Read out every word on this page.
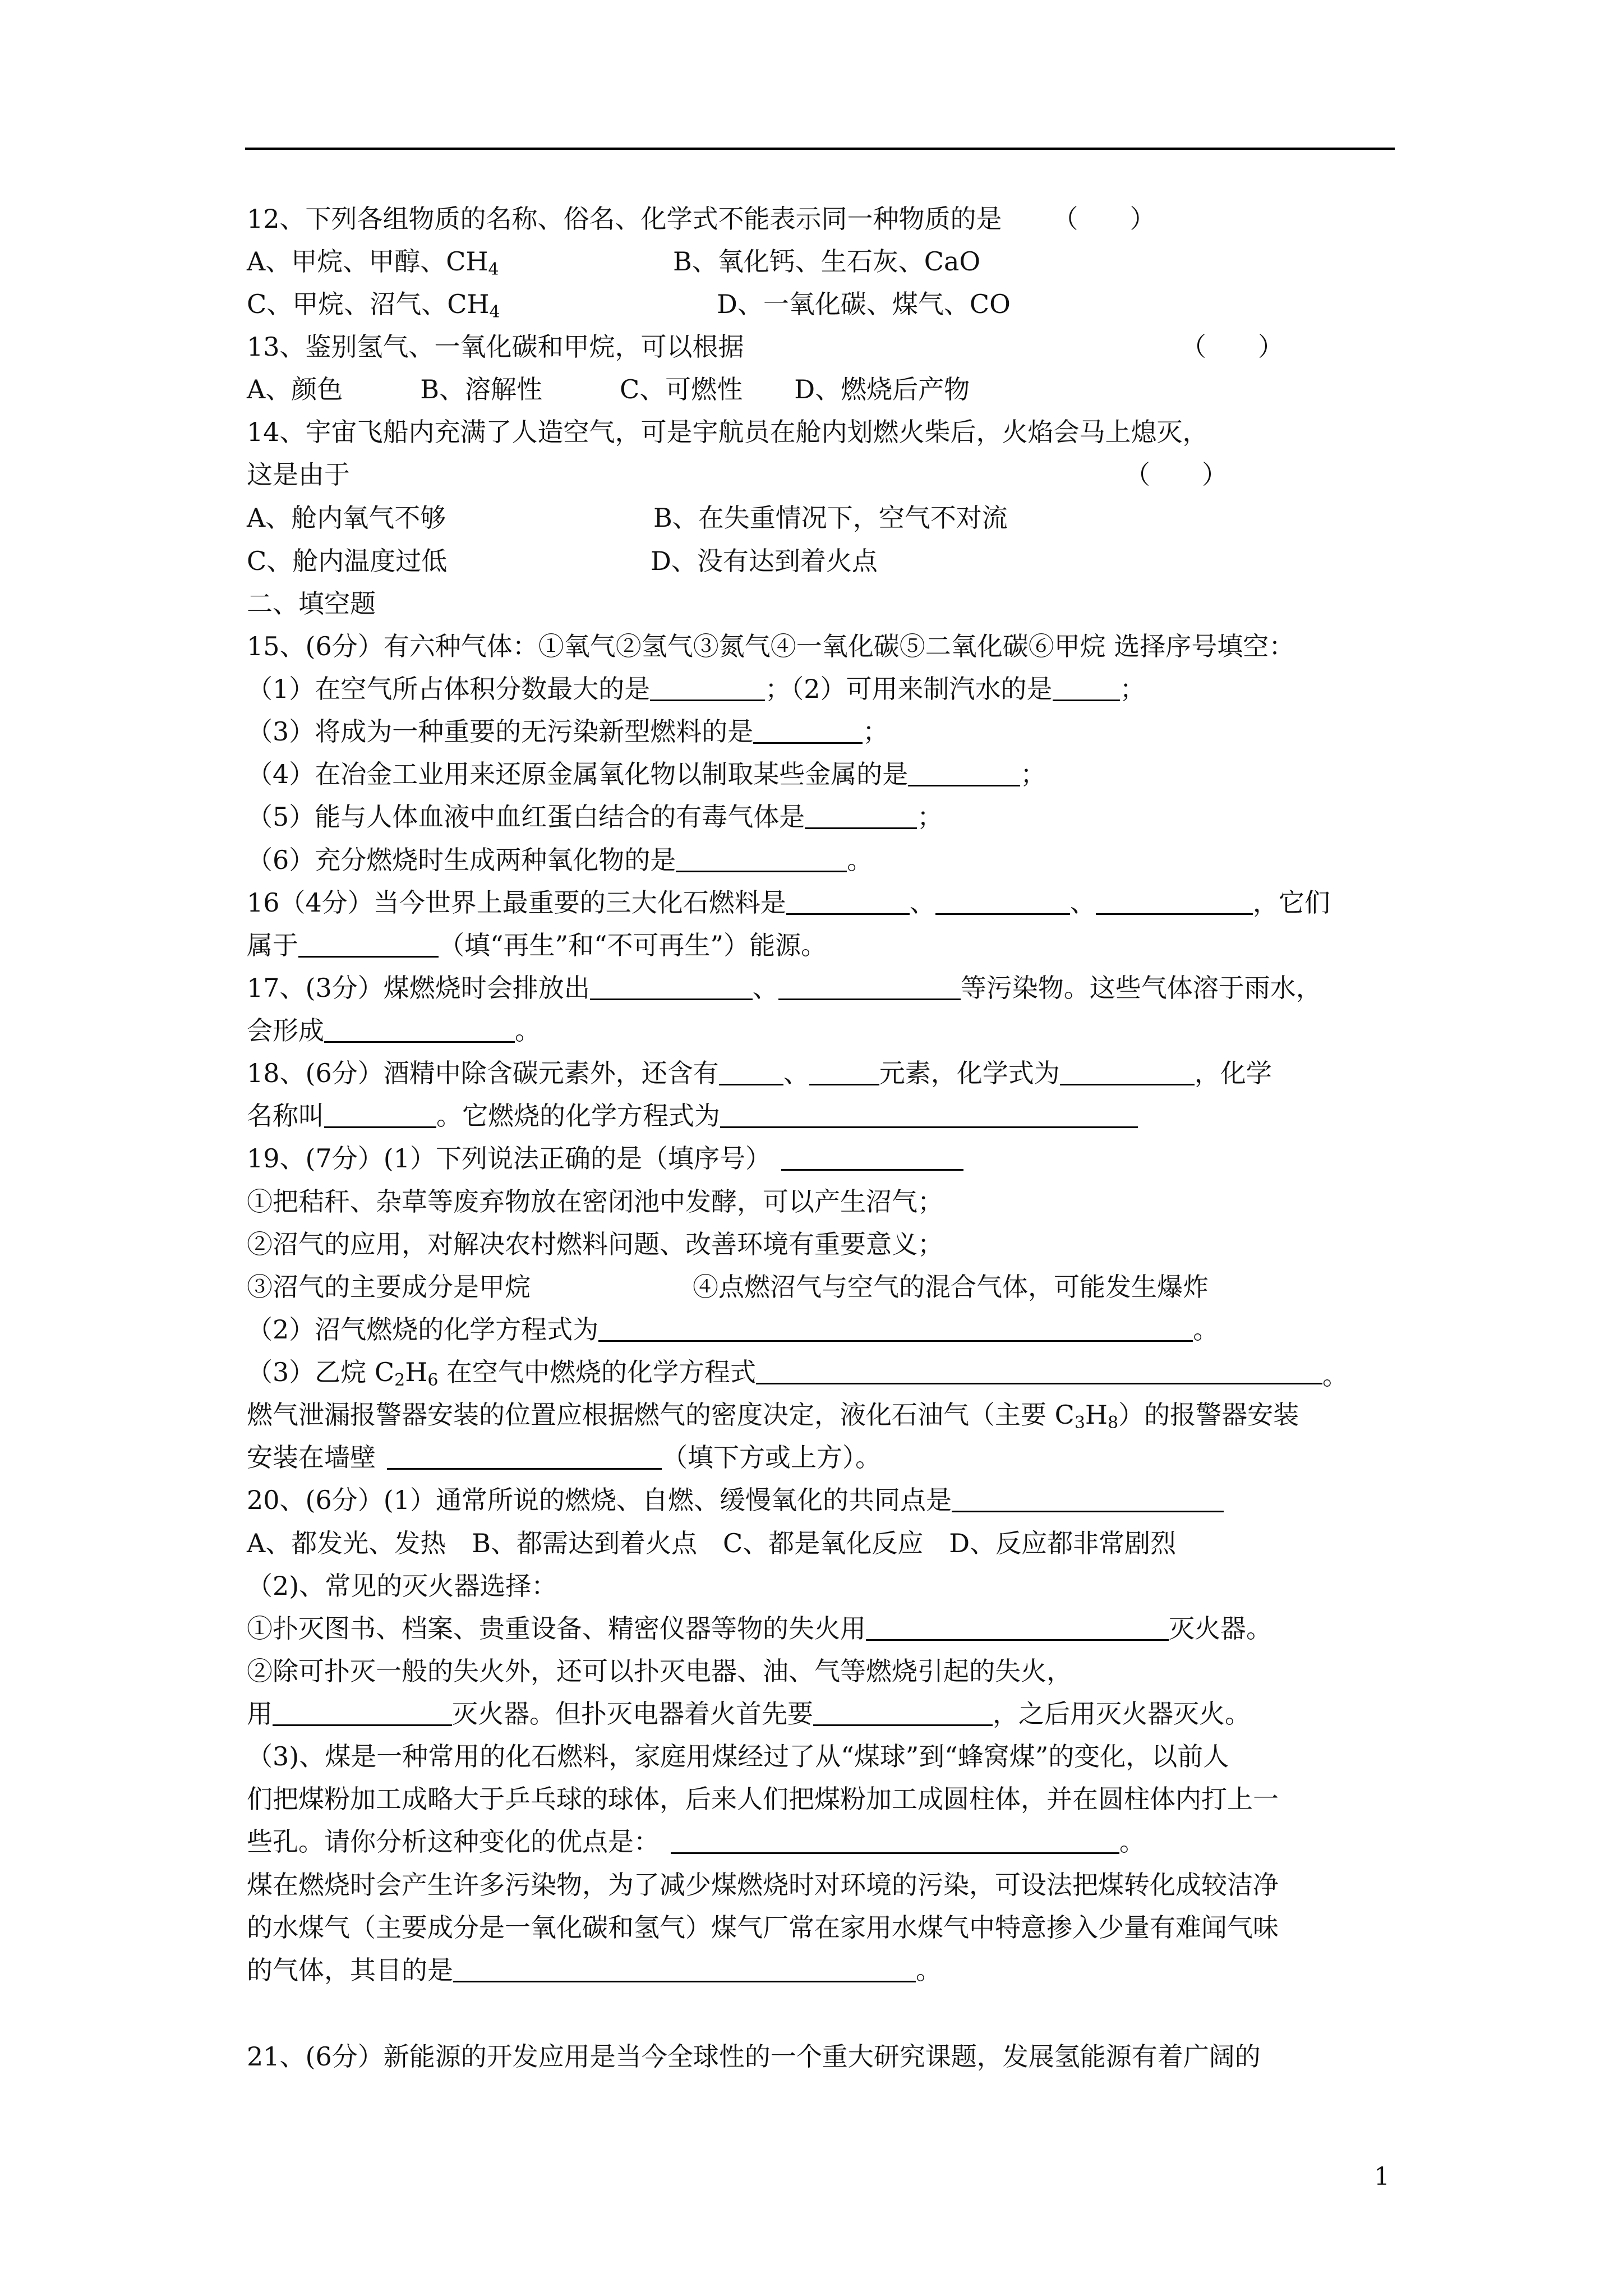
12、下列各组物质的名称、俗名、化学式不能表示同一种物质的是 （　　）
A、甲烷、甲醇、$CH_4$	B、氧化钙、生石灰、CaO
C、甲烷、沼气、$CH_4$	D、一氧化碳、煤气、CO
13、鉴别氢气、一氧化碳和甲烷，可以根据	（　　）
A、颜色　　　B、溶解性　　　C、可燃性　　D、燃烧后产物
14、宇宙飞船内充满了人造空气，可是宇航员在舱内划燃火柴后，火焰会马上熄灭，
这是由于	（　　）
A、舱内氧气不够	B、在失重情况下，空气不对流
C、舱内温度过低	D、没有达到着火点
二、填空题
15、(6分）有六种气体：①氧气②氢气③氮气④一氧化碳⑤二氧化碳⑥甲烷 选择序号填空：
（1）在空气所占体积分数最大的是	；（2）可用来制汽水的是	；
（3）将成为一种重要的无污染新型燃料的是	；
（4）在冶金工业用来还原金属氧化物以制取某些金属的是	；
（5）能与人体血液中血红蛋白结合的有毒气体是	；
（6）充分燃烧时生成两种氧化物的是	。
16（4分）当今世界上最重要的三大化石燃料是	、	、	，它们
属于	（填“再生”和“不可再生”）能源。
17、(3分）煤燃烧时会排放出	、	等污染物。这些气体溶于雨水，
会形成	。
18、(6分）酒精中除含碳元素外，还含有	、	元素，化学式为	，化学
名称叫	。它燃烧的化学方程式为
19、(7分）(1）下列说法正确的是（填序号）
①把秸秆、杂草等废弃物放在密闭池中发酵，可以产生沼气；
②沼气的应用，对解决农村燃料问题、改善环境有重要意义；
③沼气的主要成分是甲烷	④点燃沼气与空气的混合气体，可能发生爆炸
（2）沼气燃烧的化学方程式为	。
（3）乙烷 $C_2H_6$ 在空气中燃烧的化学方程式	。
燃气泄漏报警器安装的位置应根据燃气的密度决定，液化石油气（主要 $C_3H_8$）的报警器安装
安装在墙壁	（填下方或上方）。
20、(6分）(1）通常所说的燃烧、自燃、缓慢氧化的共同点是
A、都发光、发热　B、都需达到着火点　C、都是氧化反应　D、反应都非常剧烈
（2)、常见的灭火器选择：
①扑灭图书、档案、贵重设备、精密仪器等物的失火用	灭火器。
②除可扑灭一般的失火外，还可以扑灭电器、油、气等燃烧引起的失火，
用	灭火器。但扑灭电器着火首先要	，之后用灭火器灭火。
（3)、煤是一种常用的化石燃料，家庭用煤经过了从“煤球”到“蜂窝煤”的变化，以前人
们把煤粉加工成略大于乒乓球的球体，后来人们把煤粉加工成圆柱体，并在圆柱体内打上一
些孔。请你分析这种变化的优点是：	。
煤在燃烧时会产生许多污染物，为了减少煤燃烧时对环境的污染，可设法把煤转化成较洁净
的水煤气（主要成分是一氧化碳和氢气）煤气厂常在家用水煤气中特意掺入少量有难闻气味
的气体，其目的是	。
21、(6分）新能源的开发应用是当今全球性的一个重大研究课题，发展氢能源有着广阔的
1
